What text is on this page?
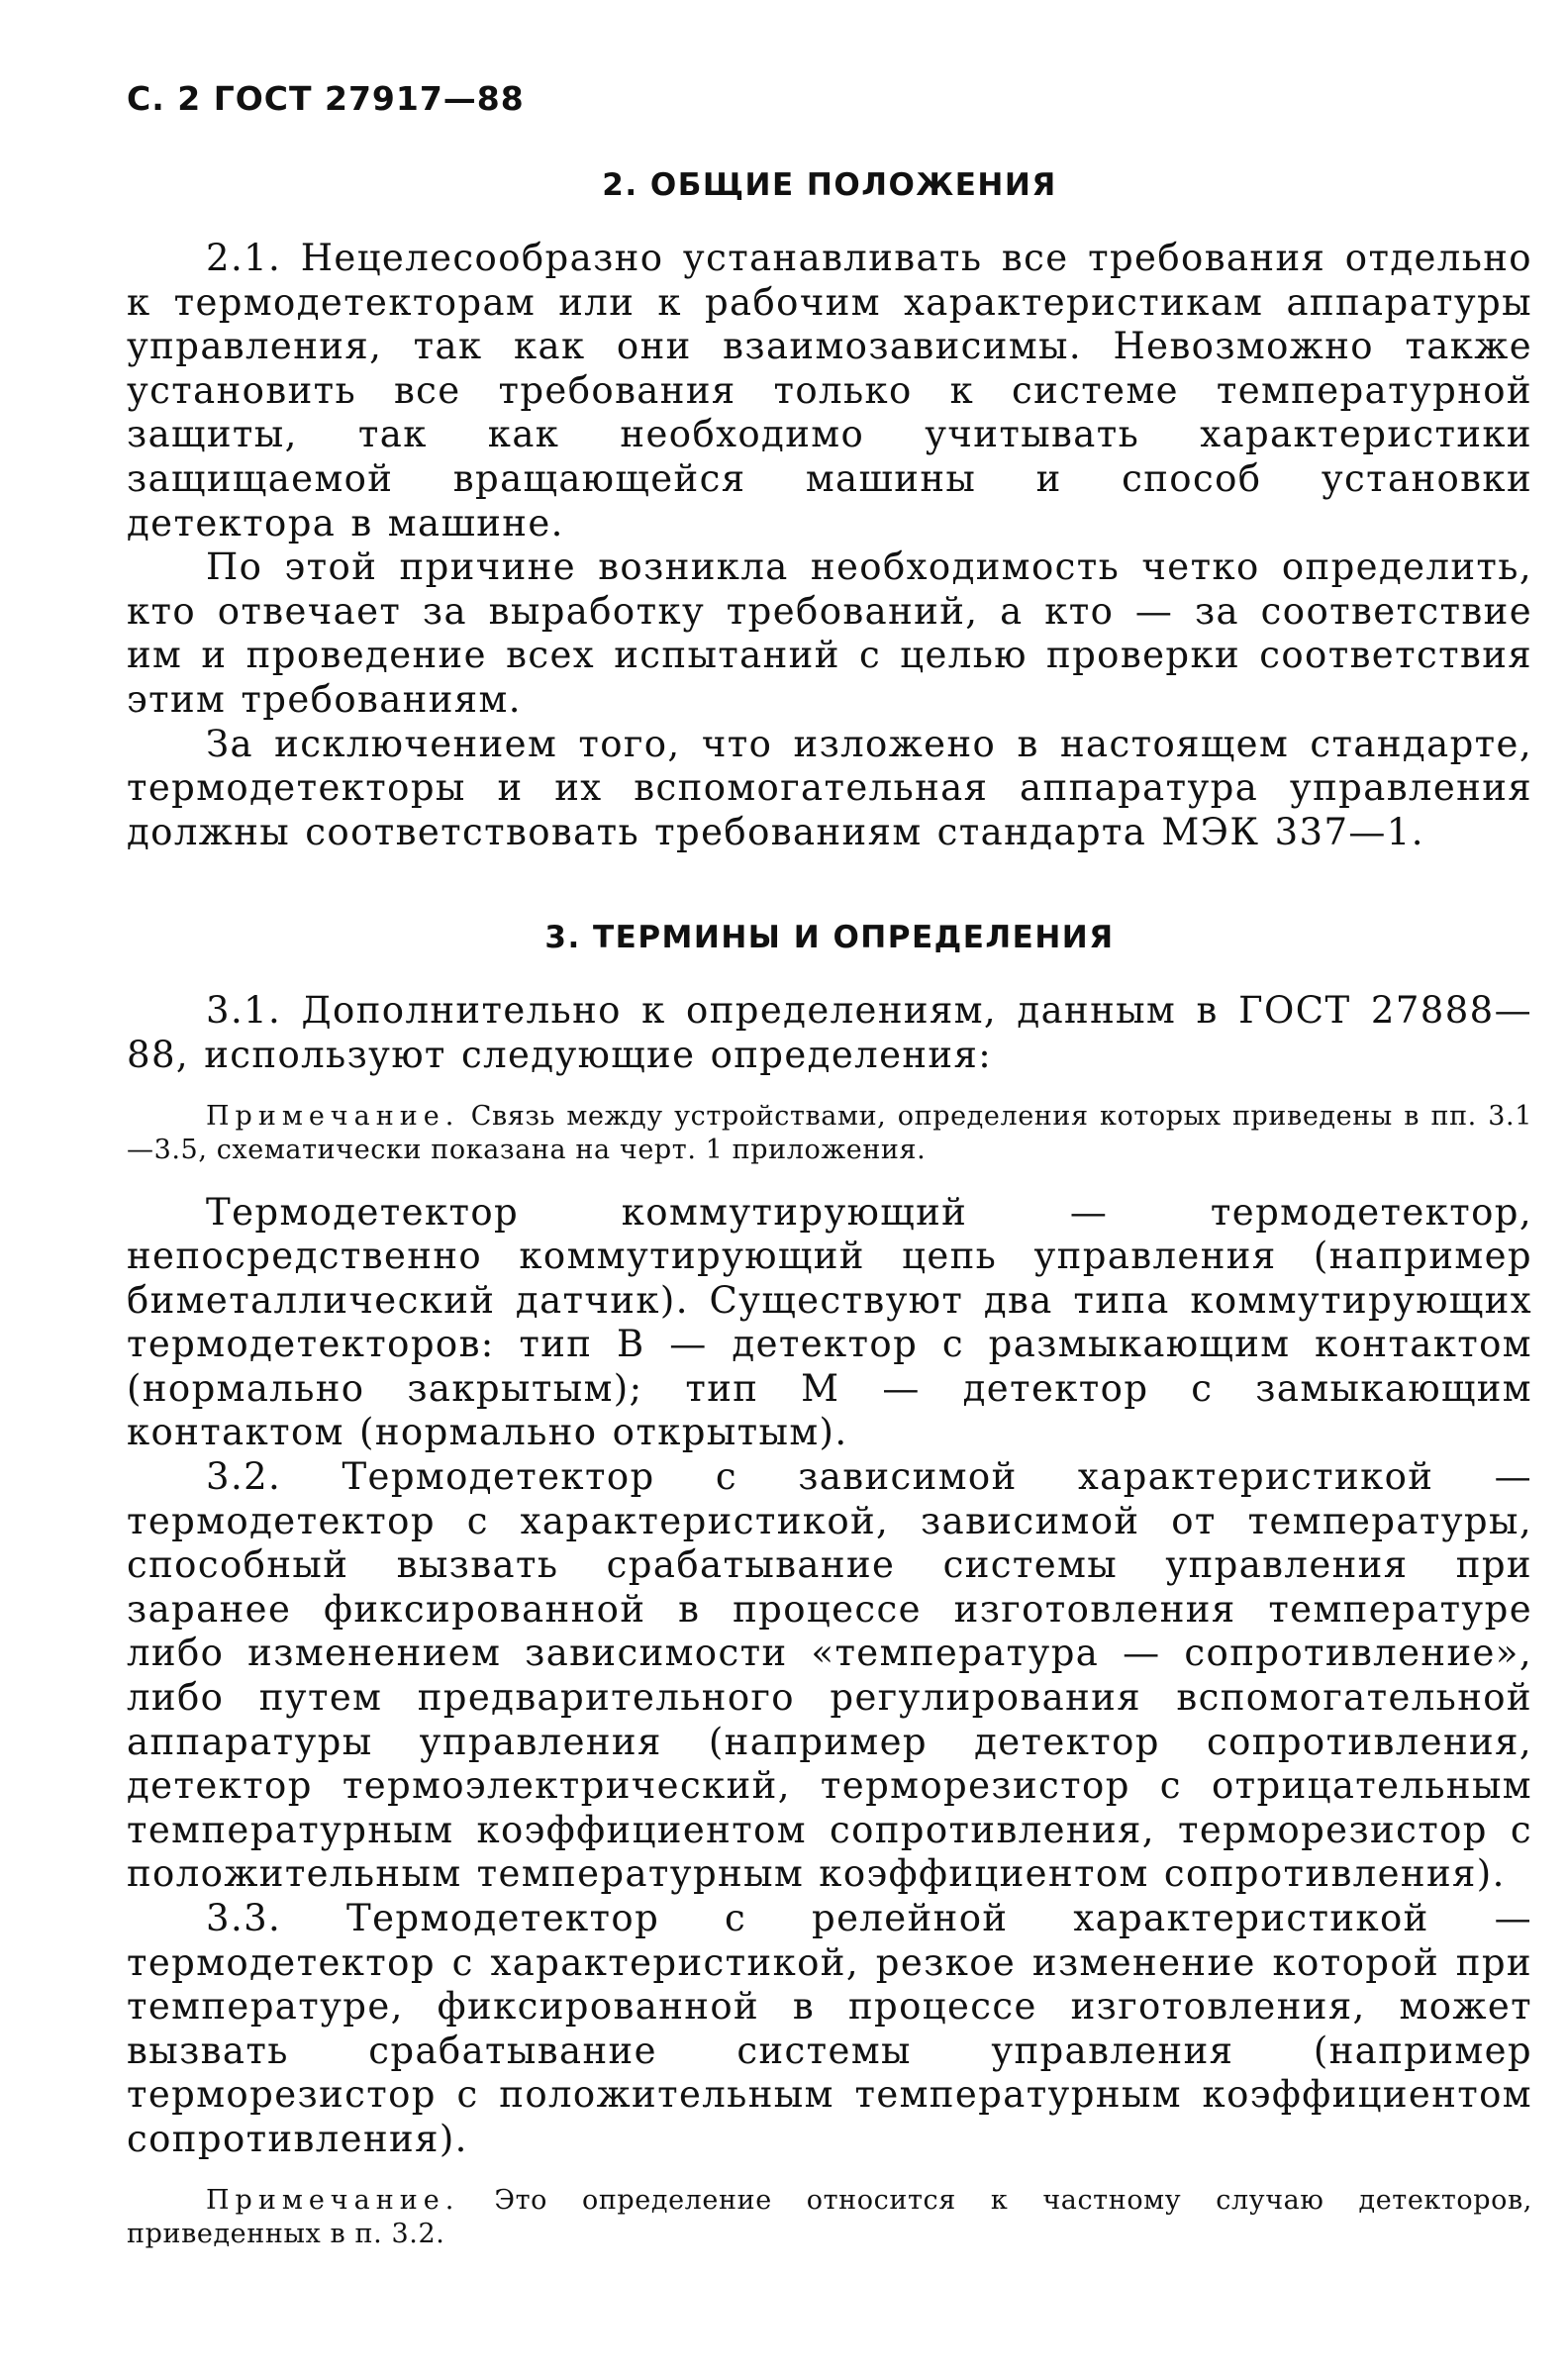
С. 2 ГОСТ 27917—88
2. ОБЩИЕ ПОЛОЖЕНИЯ

2.1. Нецелесообразно устанавливать все требования отдельно к термодетекторам или к рабочим характеристикам аппаратуры управления, так как они взаимозависимы. Невозможно также установить все требования только к системе температурной защиты, так как необходимо учитывать характеристики защищаемой вращающейся машины и способ установки детектора в машине.

По этой причине возникла необходимость четко определить, кто отвечает за выработку требований, а кто — за соответствие им и проведение всех испытаний с целью проверки соответствия этим требованиям.

За исключением того, что изложено в настоящем стандарте, термодетекторы и их вспомогательная аппаратура управления должны соответствовать требованиям стандарта МЭК 337—1.

3. ТЕРМИНЫ И ОПРЕДЕЛЕНИЯ

3.1. Дополнительно к определениям, данным в ГОСТ 27888—88, используют следующие определения:

Примечание. Связь между устройствами, определения которых приведены в пп. 3.1—3.5, схематически показана на черт. 1 приложения.

Термодетектор коммутирующий — термодетектор, непосредственно коммутирующий цепь управления (например биметаллический датчик). Существуют два типа коммутирующих термодетекторов: тип В — детектор с размыкающим контактом (нормально закрытым); тип М — детектор с замыкающим контактом (нормально открытым).

3.2. Термодетектор с зависимой характеристикой — термодетектор с характеристикой, зависимой от температуры, способный вызвать срабатывание системы управления при заранее фиксированной в процессе изготовления температуре либо изменением зависимости «температура — сопротивление», либо путем предварительного регулирования вспомогательной аппаратуры управления (например детектор сопротивления, детектор термоэлектрический, терморезистор с отрицательным температурным коэффициентом сопротивления, терморезистор с положительным температурным коэффициентом сопротивления).

3.3. Термодетектор с релейной характеристикой — термодетектор с характеристикой, резкое изменение которой при температуре, фиксированной в процессе изготовления, может вызвать срабатывание системы управления (например терморезистор с положительным температурным коэффициентом сопротивления).

Примечание. Это определение относится к частному случаю детекторов, приведенных в п. 3.2.
